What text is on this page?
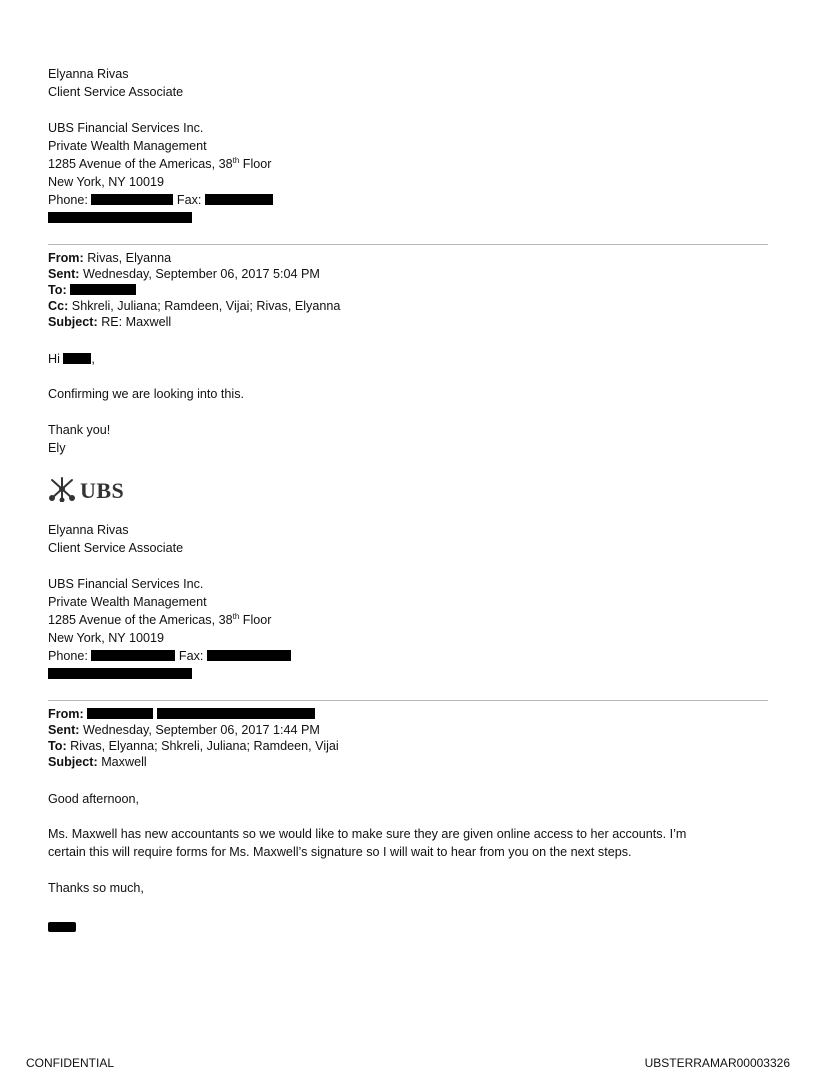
Elyanna Rivas
Client Service Associate

UBS Financial Services Inc.
Private Wealth Management
1285 Avenue of the Americas, 38th Floor
New York, NY 10019
Phone:	Fax:
From: Rivas, Elyanna
Sent: Wednesday, September 06, 2017 5:04 PM
To:
Cc: Shkreli, Juliana; Ramdeen, Vijai; Rivas, Elyanna
Subject: RE: Maxwell
Hi	,
Confirming we are looking into this.
Thank you!
Ely
UBS
Elyanna Rivas
Client Service Associate

UBS Financial Services Inc.
Private Wealth Management
1285 Avenue of the Americas, 38th Floor
New York, NY 10019
Phone:	Fax:
From:
Sent: Wednesday, September 06, 2017 1:44 PM
To: Rivas, Elyanna; Shkreli, Juliana; Ramdeen, Vijai
Subject: Maxwell
Good afternoon,
Ms. Maxwell has new accountants so we would like to make sure they are given online access to her accounts. I’m
certain this will require forms for Ms. Maxwell’s signature so I will wait to hear from you on the next steps.
Thanks so much,
CONFIDENTIAL	UBSTERRAMAR00003326
